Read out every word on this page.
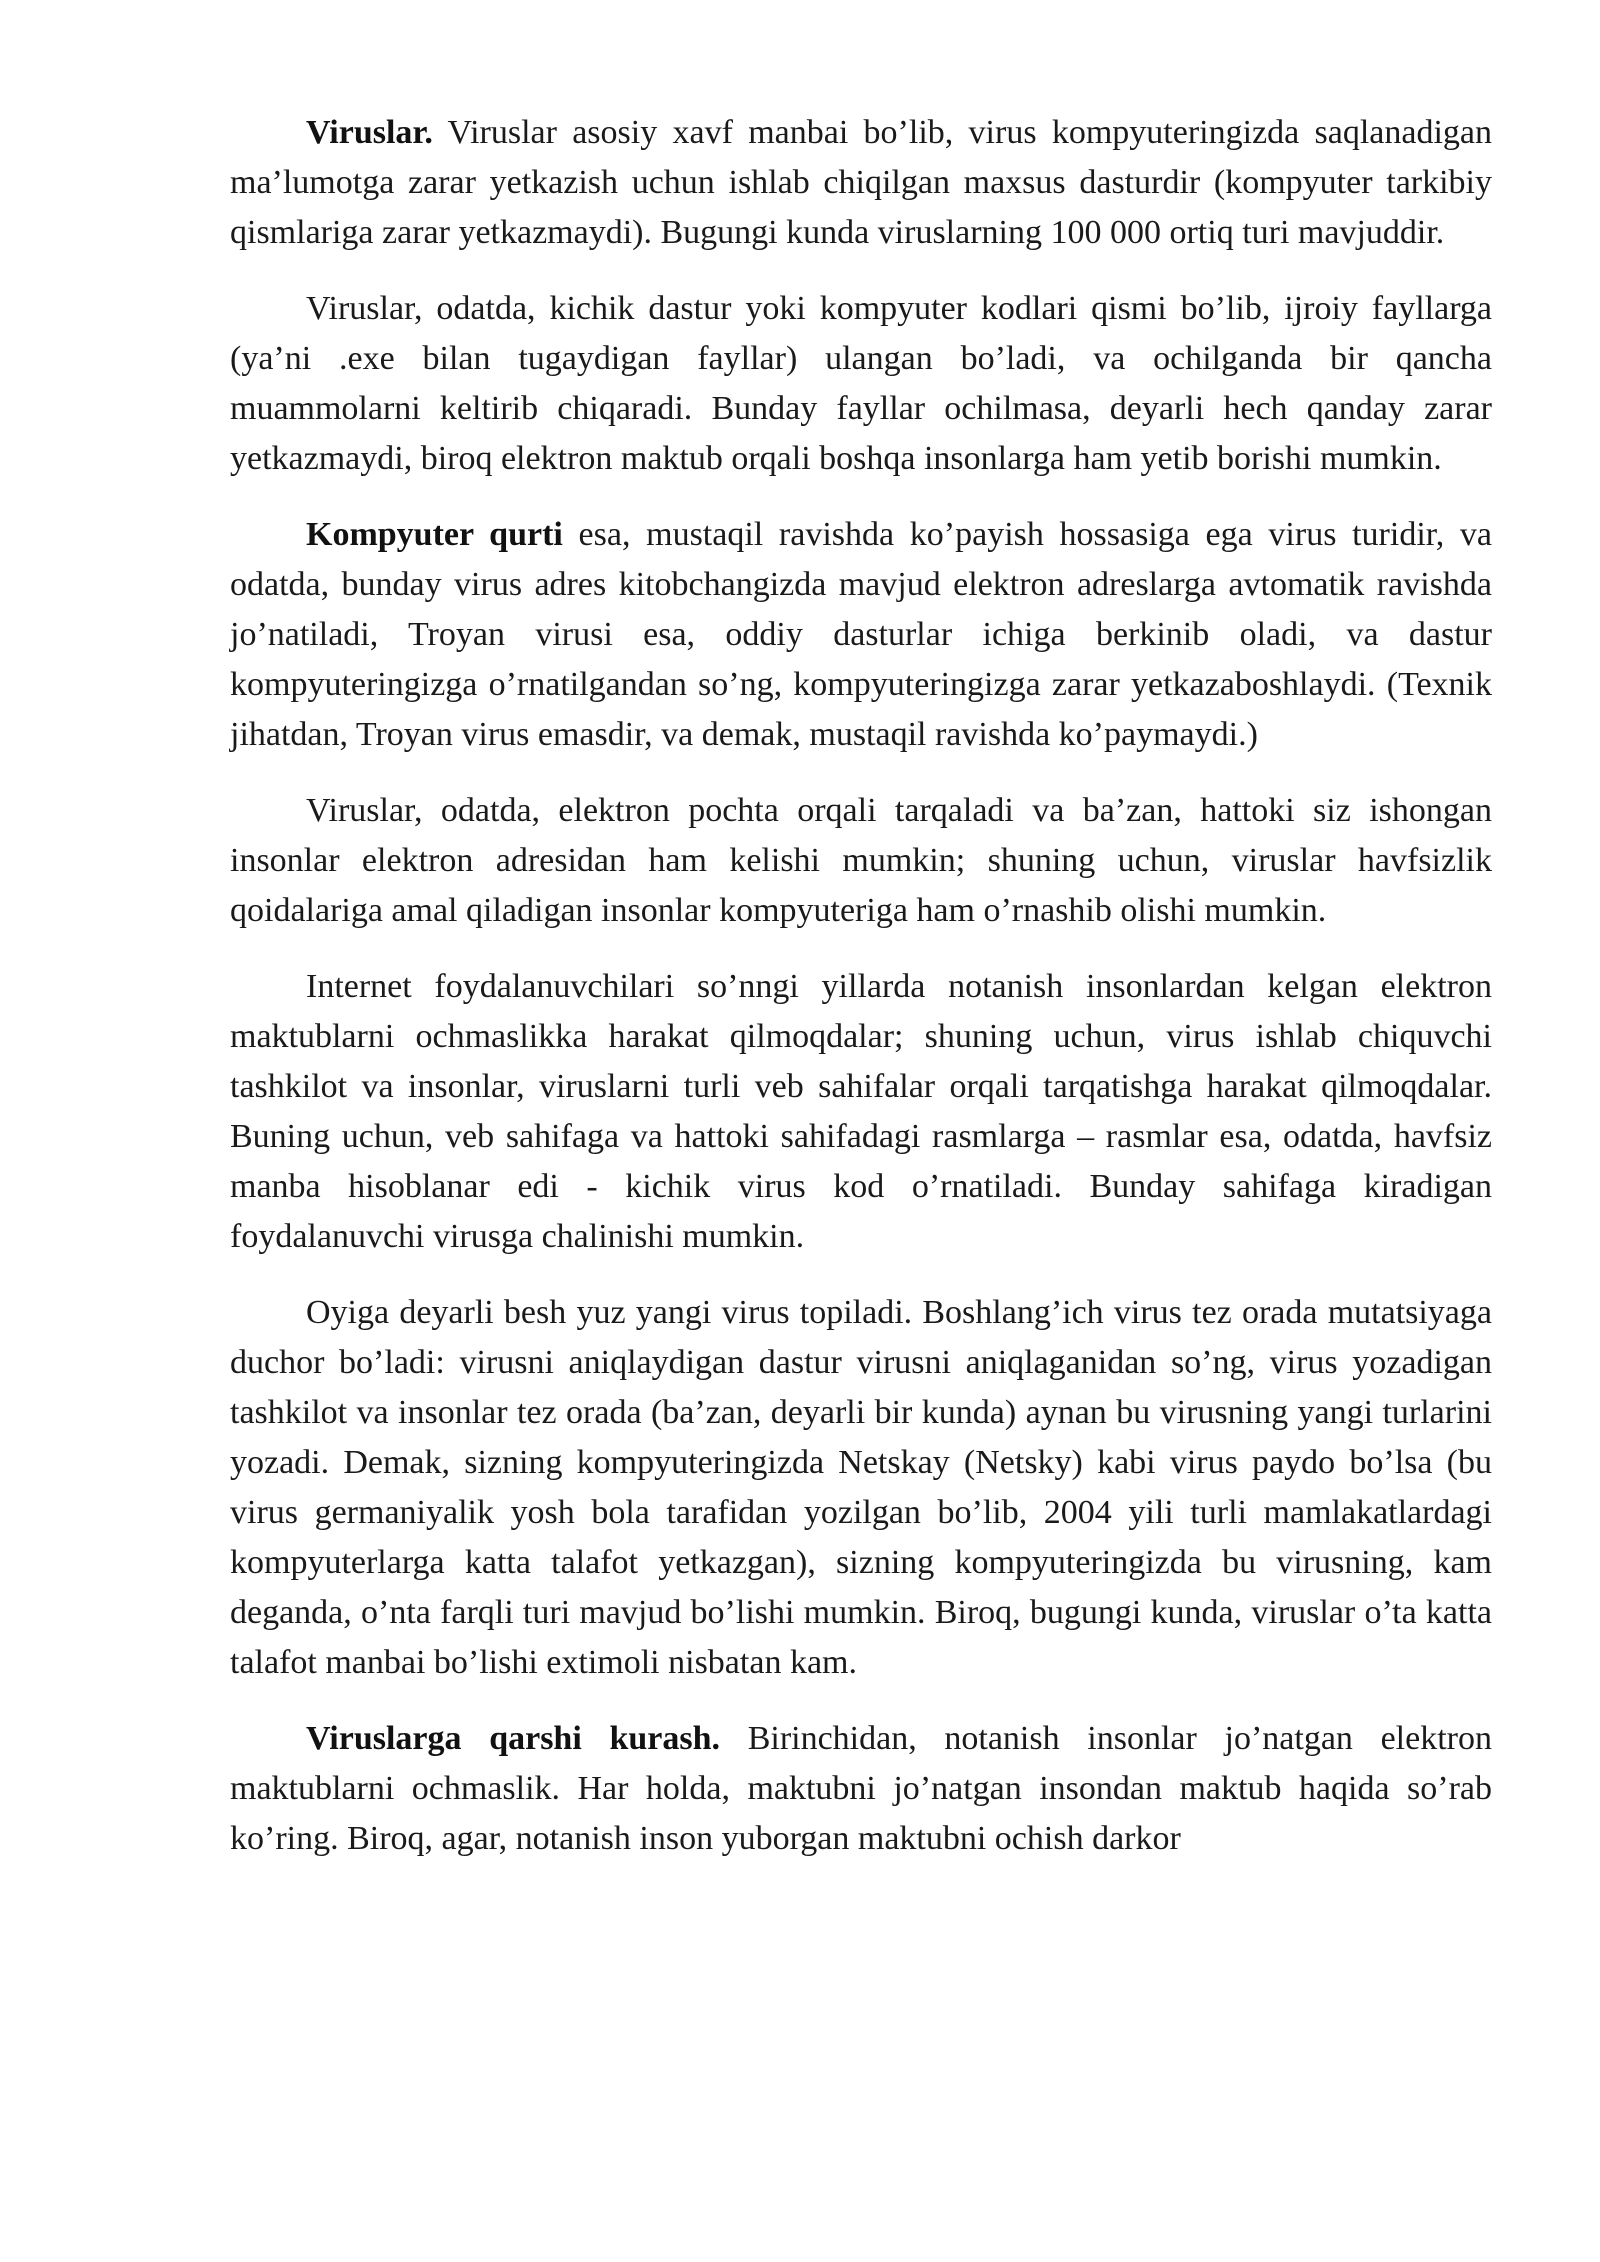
Viruslar. Viruslar asosiy xavf manbai bo’lib, virus kompyuteringizda saqlanadigan ma’lumotga zarar yetkazish uchun ishlab chiqilgan maxsus dasturdir (kompyuter tarkibiy qismlariga zarar yetkazmaydi). Bugungi kunda viruslarning 100 000 ortiq turi mavjuddir.

Viruslar, odatda, kichik dastur yoki kompyuter kodlari qismi bo’lib, ijroiy fayllarga (ya’ni .exe bilan tugaydigan fayllar) ulangan bo’ladi, va ochilganda bir qancha muammolarni keltirib chiqaradi. Bunday fayllar ochilmasa, deyarli hech qanday zarar yetkazmaydi, biroq elektron maktub orqali boshqa insonlarga ham yetib borishi mumkin.

Kompyuter qurti esa, mustaqil ravishda ko’payish hossasiga ega virus turidir, va odatda, bunday virus adres kitobchangizda mavjud elektron adreslarga avtomatik ravishda jo’natiladi, Troyan virusi esa, oddiy dasturlar ichiga berkinib oladi, va dastur kompyuteringizga o’rnatilgandan so’ng, kompyuteringizga zarar yetkazaboshlaydi. (Texnik jihatdan, Troyan virus emasdir, va demak, mustaqil ravishda ko’paymaydi.)

Viruslar, odatda, elektron pochta orqali tarqaladi va ba’zan, hattoki siz ishongan insonlar elektron adresidan ham kelishi mumkin; shuning uchun, viruslar havfsizlik qoidalariga amal qiladigan insonlar kompyuteriga ham o’rnashib olishi mumkin.

Internet foydalanuvchilari so’nngi yillarda notanish insonlardan kelgan elektron maktublarni ochmaslikka harakat qilmoqdalar; shuning uchun, virus ishlab chiquvchi tashkilot va insonlar, viruslarni turli veb sahifalar orqali tarqatishga harakat qilmoqdalar. Buning uchun, veb sahifaga va hattoki sahifadagi rasmlarga – rasmlar esa, odatda, havfsiz manba hisoblanar edi - kichik virus kod o’rnatiladi. Bunday sahifaga kiradigan foydalanuvchi virusga chalinishi mumkin.

Oyiga deyarli besh yuz yangi virus topiladi. Boshlang’ich virus tez orada mutatsiyaga duchor bo’ladi: virusni aniqlaydigan dastur virusni aniqlaganidan so’ng, virus yozadigan tashkilot va insonlar tez orada (ba’zan, deyarli bir kunda) aynan bu virusning yangi turlarini yozadi. Demak, sizning kompyuteringizda Netskay (Netsky) kabi virus paydo bo’lsa (bu virus germaniyalik yosh bola tarafidan yozilgan bo’lib, 2004 yili turli mamlakatlardagi kompyuterlarga katta talafot yetkazgan), sizning kompyuteringizda bu virusning, kam deganda, o’nta farqli turi mavjud bo’lishi mumkin. Biroq, bugungi kunda, viruslar o’ta katta talafot manbai bo’lishi extimoli nisbatan kam.

Viruslarga qarshi kurash. Birinchidan, notanish insonlar jo’natgan elektron maktublarni ochmaslik. Har holda, maktubni jo’natgan insondan maktub haqida so’rab ko’ring. Biroq, agar, notanish inson yuborgan maktubni ochish darkor
